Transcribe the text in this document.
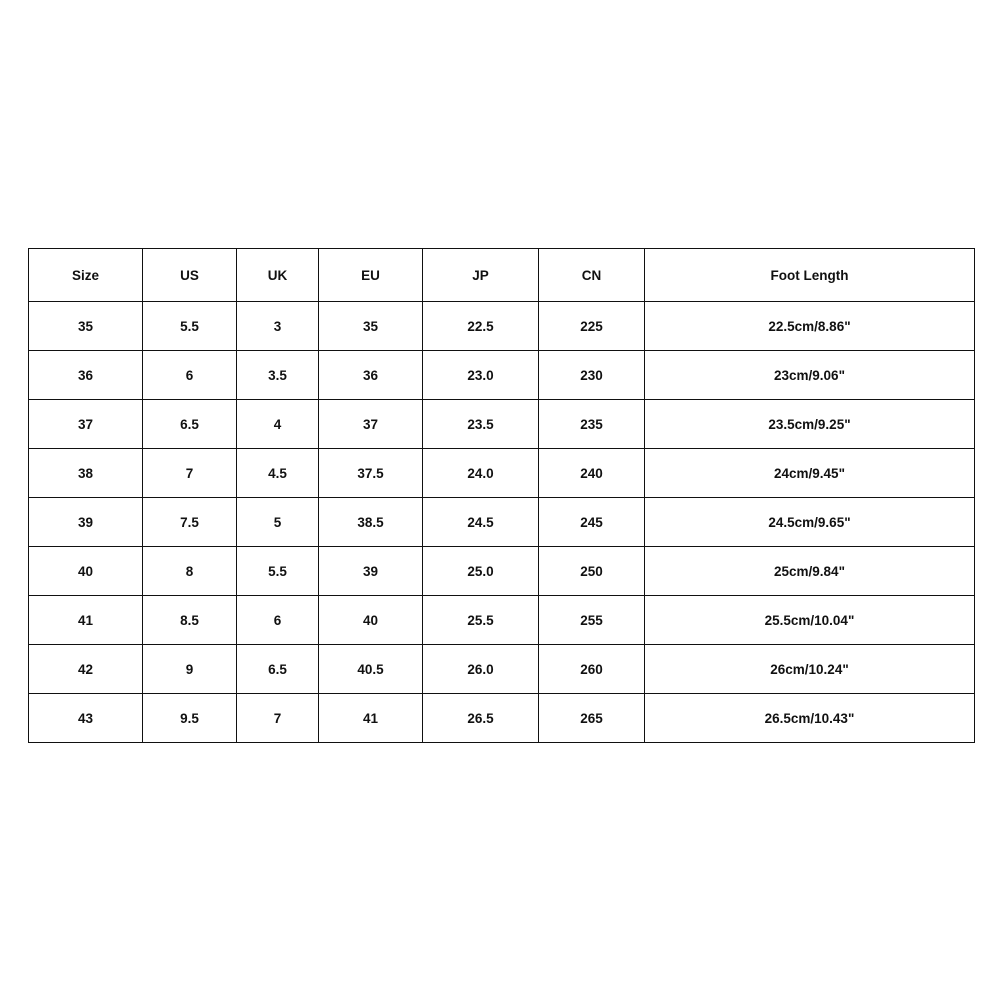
Size	US	UK	EU	JP	CN	Foot Length
35	5.5	3	35	22.5	225	22.5cm/8.86"
36	6	3.5	36	23.0	230	23cm/9.06"
37	6.5	4	37	23.5	235	23.5cm/9.25"
38	7	4.5	37.5	24.0	240	24cm/9.45"
39	7.5	5	38.5	24.5	245	24.5cm/9.65"
40	8	5.5	39	25.0	250	25cm/9.84"
41	8.5	6	40	25.5	255	25.5cm/10.04"
42	9	6.5	40.5	26.0	260	26cm/10.24"
43	9.5	7	41	26.5	265	26.5cm/10.43"
